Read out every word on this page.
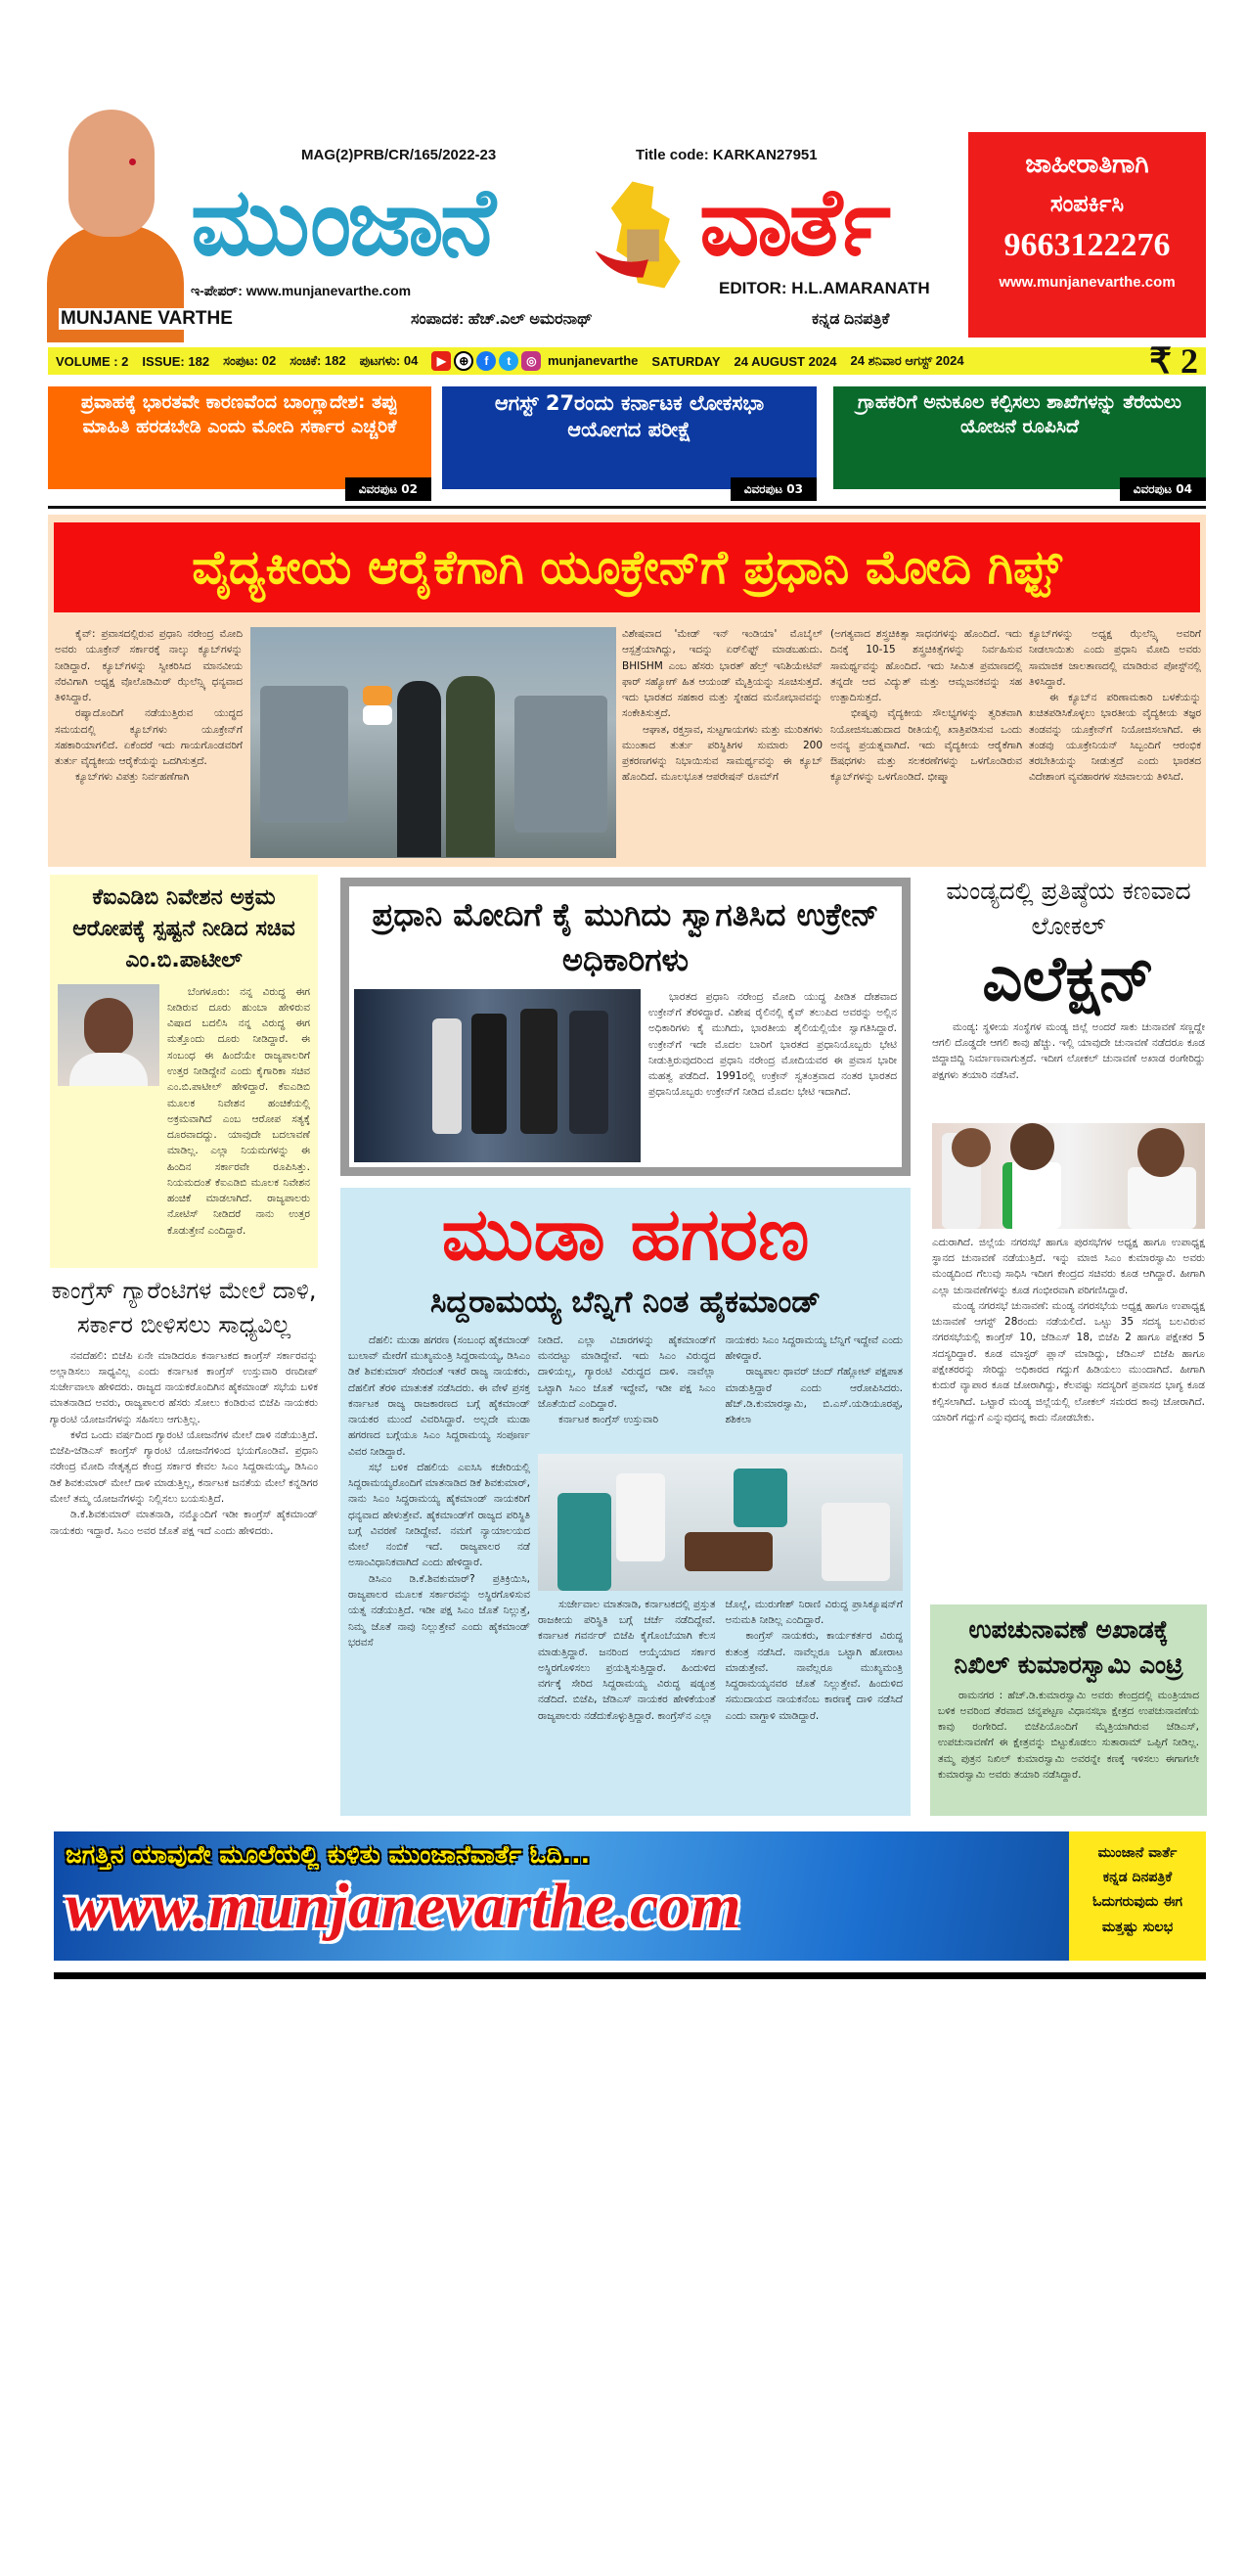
MUNJANE VARTHE
MAG(2)PRB/CR/165/2022-23	Title code: KARKAN27951
ಮುಂಜಾನೆ	ವಾರ್ತೆ
ಇ-ಪೇಪರ್: www.munjanevarthe.com	EDITOR: H.L.AMARANATH
ಸಂಪಾದಕ: ಹೆಚ್.ಎಲ್ ಅಮರನಾಥ್	ಕನ್ನಡ ದಿನಪತ್ರಿಕೆ
ಜಾಹೀರಾತಿಗಾಗಿ
ಸಂಪರ್ಕಿಸಿ
9663122276
www.munjanevarthe.com
VOLUME : 2 ISSUE: 182 ಸಂಪುಟ: 02 ಸಂಚಿಕೆ: 182 ಪುಟಗಳು: 04	▶ ⊕ f t ◎ munjanevarthe SATURDAY 24 AUGUST 2024 24 ಶನಿವಾರ ಆಗಸ್ಟ್ 2024	₹ 2
ಪ್ರವಾಹಕ್ಕೆ ಭಾರತವೇ ಕಾರಣವೆಂದ ಬಾಂಗ್ಲಾದೇಶ: ತಪ್ಪು ಮಾಹಿತಿ ಹರಡಬೇಡಿ ಎಂದು ಮೋದಿ ಸರ್ಕಾರ ಎಚ್ಚರಿಕೆ
ವಿವರಪುಟ 02
ಆಗಸ್ಟ್ 27ರಂದು ಕರ್ನಾಟಕ ಲೋಕಸಭಾ ಆಯೋಗದ ಪರೀಕ್ಷೆ
ವಿವರಪುಟ 03
ಗ್ರಾಹಕರಿಗೆ ಅನುಕೂಲ ಕಲ್ಪಿಸಲು ಶಾಖೆಗಳನ್ನು ತೆರೆಯಲು ಯೋಜನೆ ರೂಪಿಸಿದೆ
ವಿವರಪುಟ 04
ವೈದ್ಯಕೀಯ ಆರೈಕೆಗಾಗಿ ಯೂಕ್ರೇನ್‌ಗೆ ಪ್ರಧಾನಿ ಮೋದಿ ಗಿಫ್ಟ್

ಕೈವ್: ಪ್ರವಾಸದಲ್ಲಿರುವ ಪ್ರಧಾನಿ ನರೇಂದ್ರ ಮೋದಿ ಅವರು ಯೂಕ್ರೇನ್ ಸರ್ಕಾರಕ್ಕೆ ನಾಲ್ಕು ಕ್ಯೂಬ್‌ಗಳನ್ನು ನೀಡಿದ್ದಾರೆ. ಕ್ಯೂಬ್‌ಗಳನ್ನು ಸ್ವೀಕರಿಸಿದ ಮಾನವೀಯ ನೆರವಿಗಾಗಿ ಅಧ್ಯಕ್ಷ ವೊಲೊಡಿಮಿರ್ ಝೆಲೆನ್ಸ್ಕಿ ಧನ್ಯವಾದ ತಿಳಿಸಿದ್ದಾರೆ.

ರಷ್ಯಾದೊಂದಿಗೆ ನಡೆಯುತ್ತಿರುವ ಯುದ್ಧದ ಸಮಯದಲ್ಲಿ ಕ್ಯೂಬ್‌ಗಳು ಯೂಕ್ರೇನ್‌ಗೆ ಸಹಕಾರಿಯಾಗಲಿದೆ. ಏಕೆಂದರೆ ಇದು ಗಾಯಗೊಂಡವರಿಗೆ ತುರ್ತು ವೈದ್ಯಕೀಯ ಆರೈಕೆಯನ್ನು ಒದಗಿಸುತ್ತದೆ.

ಕ್ಯೂಬ್‌ಗಳು ವಿಪತ್ತು ನಿರ್ವಹಣೆಗಾಗಿ

ವಿಶೇಷವಾದ 'ಮೇಡ್ ಇನ್ ಇಂಡಿಯಾ' ಮೊಬೈಲ್ ಆಸ್ಪತ್ರೆಯಾಗಿದ್ದು, ಇದನ್ನು ಏರ್‌ಲಿಫ್ಟ್ ಮಾಡಬಹುದು. BHISHM ಎಂಬ ಹೆಸರು ಭಾರತ್ ಹೆಲ್ತ್ ಇನಿಶಿಯೇಟಿವ್ ಫಾರ್ ಸಹ್ಯೋಗ್ ಹಿತ ಆಯಂಡ್ ಮೈತ್ರಿಯನ್ನು ಸೂಚಿಸುತ್ತದೆ. ಇದು ಭಾರತದ ಸಹಕಾರ ಮತ್ತು ಸ್ನೇಹದ ಮನೋಭಾವವನ್ನು ಸಂಕೇತಿಸುತ್ತದೆ.

ಆಘಾತ, ರಕ್ತಸ್ರಾವ, ಸುಟ್ಟಗಾಯಗಳು ಮತ್ತು ಮುರಿತಗಳು ಮುಂತಾದ ತುರ್ತು ಪರಿಸ್ಥಿತಿಗಳ ಸುಮಾರು 200 ಪ್ರಕರಣಗಳನ್ನು ನಿಭಾಯಿಸುವ ಸಾಮರ್ಥ್ಯವನ್ನು ಈ ಕ್ಯೂಬ್ ಹೊಂದಿದೆ. ಮೂಲಭೂತ ಆಪರೇಷನ್ ರೂಮ್‌ಗೆ

(ಅಗತ್ಯವಾದ ಶಸ್ತ್ರಚಿಕಿತ್ಸಾ ಸಾಧನಗಳನ್ನು ಹೊಂದಿದೆ. ಇದು ದಿನಕ್ಕೆ 10-15 ಶಸ್ತ್ರಚಿಕಿತ್ಸೆಗಳನ್ನು ನಿರ್ವಹಿಸುವ ಸಾಮರ್ಥ್ಯವನ್ನು ಹೊಂದಿದೆ. ಇದು ಸೀಮಿತ ಪ್ರಮಾಣದಲ್ಲಿ ತನ್ನದೇ ಆದ ವಿದ್ಯುತ್ ಮತ್ತು ಆಮ್ಲಜನಕವನ್ನು ಸಹ ಉತ್ಪಾದಿಸುತ್ತದೆ.

ಭೀಷ್ಮವು ವೈದ್ಯಕೀಯ ಸೌಲಭ್ಯಗಳನ್ನು ತ್ವರಿತವಾಗಿ ನಿಯೋಜಿಸಬಹುದಾದ ರೀತಿಯಲ್ಲಿ ಖಾತ್ರಿಪಡಿಸುವ ಒಂದು ಅನನ್ಯ ಪ್ರಯತ್ನವಾಗಿದೆ. ಇದು ವೈದ್ಯಕೀಯ ಆರೈಕೆಗಾಗಿ ಔಷಧಗಳು ಮತ್ತು ಸಲಕರಣೆಗಳನ್ನು ಒಳಗೊಂಡಿರುವ ಕ್ಯೂಬ್‌ಗಳನ್ನು ಒಳಗೊಂಡಿದೆ. ಭೀಷ್ಮಾ

ಕ್ಯೂಬ್‌ಗಳನ್ನು ಅಧ್ಯಕ್ಷ ಝೆಲೆನ್ಸ್ಕಿ ಅವರಿಗೆ ನೀಡಲಾಯಿತು ಎಂದು ಪ್ರಧಾನಿ ಮೋದಿ ಅವರು ಸಾಮಾಜಿಕ ಜಾಲತಾಣದಲ್ಲಿ ಮಾಡಿರುವ ಪೋಸ್ಟ್‌ನಲ್ಲಿ ತಿಳಿಸಿದ್ದಾರೆ.

ಈ ಕ್ಯೂಬ್‌ನ ಪರಿಣಾಮಕಾರಿ ಬಳಕೆಯನ್ನು ಖಚಿತಪಡಿಸಿಕೊಳ್ಳಲು ಭಾರತೀಯ ವೈದ್ಯಕೀಯ ತಜ್ಞರ ತಂಡವನ್ನು ಯೂಕ್ರೇನ್‌ಗೆ ನಿಯೋಜಿಸಲಾಗಿದೆ. ಈ ತಂಡವು ಯೂಕ್ರೇನಿಯನ್ ಸಿಬ್ಬಂದಿಗೆ ಆರಂಭಿಕ ತರಬೇತಿಯನ್ನು ನೀಡುತ್ತದೆ ಎಂದು ಭಾರತದ ವಿದೇಶಾಂಗ ವ್ಯವಹಾರಗಳ ಸಚಿವಾಲಯ ತಿಳಿಸಿದೆ.

ಕೆಐಎಡಿಬಿ ನಿವೇಶನ ಅಕ್ರಮ ಆರೋಪಕ್ಕೆ ಸ್ಪಷ್ಟನೆ ನೀಡಿದ ಸಚಿವ ಎಂ.ಬಿ.ಪಾಟೀಲ್

ಬೆಂಗಳೂರು: ನನ್ನ ವಿರುದ್ಧ ಈಗ ನೀಡಿರುವ ದೂರು ಹುಂಬಾ ಹೇಳಿರುವ ವಿಷಾದ ಬದಲಿಸಿ ನನ್ನ ವಿರುದ್ಧ ಈಗ ಮತ್ತೊಂದು ದೂರು ನೀಡಿದ್ದಾರೆ. ಈ ಸಂಬಂಧ ಈ ಹಿಂದೆಯೇ ರಾಜ್ಯಪಾಲರಿಗೆ ಉತ್ತರ ನೀಡಿದ್ದೇನೆ ಎಂದು ಕೈಗಾರಿಕಾ ಸಚಿವ ಎಂ.ಬಿ.ಪಾಟೀಲ್ ಹೇಳಿದ್ದಾರೆ. ಕೆಐಎಡಿಬಿ ಮೂಲಕ ನಿವೇಶನ ಹಂಚಿಕೆಯಲ್ಲಿ ಅಕ್ರಮವಾಗಿದೆ ಎಂಬ ಆರೋಪ ಸತ್ಯಕ್ಕೆ ದೂರವಾದದ್ದು. ಯಾವುದೇ ಬದಲಾವಣೆ ಮಾಡಿಲ್ಲ. ಎಲ್ಲಾ ನಿಯಮಗಳನ್ನು ಈ ಹಿಂದಿನ ಸರ್ಕಾರವೇ ರೂಪಿಸಿತ್ತು. ನಿಯಮದಂತೆ ಕೆಐಎಡಿಬಿ ಮೂಲಕ ನಿವೇಶನ ಹಂಚಿಕೆ ಮಾಡಲಾಗಿದೆ. ರಾಜ್ಯಪಾಲರು ನೋಟಿಸ್ ನೀಡಿದರೆ ನಾನು ಉತ್ತರ ಕೊಡುತ್ತೇನೆ ಎಂದಿದ್ದಾರೆ.

ಕಾಂಗ್ರೆಸ್ ಗ್ಯಾರೆಂಟಿಗಳ ಮೇಲೆ ದಾಳಿ, ಸರ್ಕಾರ ಬೀಳಿಸಲು ಸಾಧ್ಯವಿಲ್ಲ

ನವದೆಹಲಿ: ಬಿಜೆಪಿ ಏನೇ ಮಾಡಿದರೂ ಕರ್ನಾಟಕದ ಕಾಂಗ್ರೆಸ್ ಸರ್ಕಾರವನ್ನು ಅಲ್ಲಾಡಿಸಲು ಸಾಧ್ಯವಿಲ್ಲ ಎಂದು ಕರ್ನಾಟಕ ಕಾಂಗ್ರೆಸ್ ಉಸ್ತುವಾರಿ ರಣದೀಪ್ ಸುರ್ಜೇವಾಲಾ ಹೇಳಿದರು. ರಾಜ್ಯದ ನಾಯಕರೊಂದಿಗಿನ ಹೈಕಮಾಂಡ್ ಸಭೆಯ ಬಳಿಕ ಮಾತನಾಡಿದ ಅವರು, ರಾಜ್ಯಪಾಲರ ಹೆಸರು ಸೋಲು ಕಂಡಿರುವ ಬಿಜೆಪಿ ನಾಯಕರು ಗ್ಯಾರಂಟಿ ಯೋಜನೆಗಳನ್ನು ಸಹಿಸಲು ಆಗುತ್ತಿಲ್ಲ.

ಕಳೆದ ಒಂದು ವರ್ಷದಿಂದ ಗ್ಯಾರಂಟಿ ಯೋಜನೆಗಳ ಮೇಲೆ ದಾಳಿ ನಡೆಯುತ್ತಿದೆ. ಬಿಜೆಪಿ-ಜೆಡಿಎಸ್ ಕಾಂಗ್ರೆಸ್ ಗ್ಯಾರಂಟಿ ಯೋಜನೆಗಳಿಂದ ಭಯಗೊಂಡಿವೆ. ಪ್ರಧಾನಿ ನರೇಂದ್ರ ಮೋದಿ ನೇತೃತ್ವದ ಕೇಂದ್ರ ಸರ್ಕಾರ ಕೇವಲ ಸಿಎಂ ಸಿದ್ದರಾಮಯ್ಯ, ಡಿಸಿಎಂ ಡಿಕೆ ಶಿವಕುಮಾರ್ ಮೇಲೆ ದಾಳಿ ಮಾಡುತ್ತಿಲ್ಲ, ಕರ್ನಾಟಕ ಜನತೆಯ ಮೇಲೆ ಕನ್ನಡಿಗರ ಮೇಲೆ ತಮ್ಮ ಯೋಜನೆಗಳನ್ನು ನಿಲ್ಲಿಸಲು ಬಯಸುತ್ತಿದೆ.

ಡಿ.ಕೆ.ಶಿವಕುಮಾರ್ ಮಾತನಾಡಿ, ನಮ್ಮೊಂದಿಗೆ ಇಡೀ ಕಾಂಗ್ರೆಸ್ ಹೈಕಮಾಂಡ್ ನಾಯಕರು ಇದ್ದಾರೆ. ಸಿಎಂ ಅವರ ಜೊತೆ ಪಕ್ಷ ಇದೆ ಎಂದು ಹೇಳಿದರು.

ಪ್ರಧಾನಿ ಮೋದಿಗೆ ಕೈ ಮುಗಿದು ಸ್ವಾಗತಿಸಿದ ಉಕ್ರೇನ್ ಅಧಿಕಾರಿಗಳು

ಭಾರತದ ಪ್ರಧಾನಿ ನರೇಂದ್ರ ಮೋದಿ ಯುದ್ಧ ಪೀಡಿತ ದೇಶವಾದ ಉಕ್ರೇನ್‌ಗೆ ತೆರಳಿದ್ದಾರೆ. ವಿಶೇಷ ರೈಲಿನಲ್ಲಿ ಕೈವ್ ತಲುಪಿದ ಅವರನ್ನು ಅಲ್ಲಿನ ಅಧಿಕಾರಿಗಳು ಕೈ ಮುಗಿದು, ಭಾರತೀಯ ಶೈಲಿಯಲ್ಲಿಯೇ ಸ್ವಾಗತಿಸಿದ್ದಾರೆ. ಉಕ್ರೇನ್‌ಗೆ ಇದೇ ಮೊದಲ ಬಾರಿಗೆ ಭಾರತದ ಪ್ರಧಾನಿಯೊಬ್ಬರು ಭೇಟಿ ನೀಡುತ್ತಿರುವುದರಿಂದ ಪ್ರಧಾನಿ ನರೇಂದ್ರ ಮೋದಿಯವರ ಈ ಪ್ರವಾಸ ಭಾರೀ ಮಹತ್ವ ಪಡೆದಿದೆ. 1991ರಲ್ಲಿ ಉಕ್ರೇನ್ ಸ್ವತಂತ್ರವಾದ ನಂತರ ಭಾರತದ ಪ್ರಧಾನಿಯೊಬ್ಬರು ಉಕ್ರೇನ್‌ಗೆ ನೀಡಿದ ಮೊದಲ ಭೇಟಿ ಇದಾಗಿದೆ.

ಮುಡಾ ಹಗರಣ
ಸಿದ್ದರಾಮಯ್ಯ ಬೆನ್ನಿಗೆ ನಿಂತ ಹೈಕಮಾಂಡ್

ದೆಹಲಿ: ಮುಡಾ ಹಗರಣ (ಸಂಬಂಧ ಹೈಕಮಾಂಡ್ ಬುಲಾವ್ ಮೇರೆಗೆ ಮುಖ್ಯಮಂತ್ರಿ ಸಿದ್ದರಾಮಯ್ಯ, ಡಿಸಿಎಂ ಡಿಕೆ ಶಿವಕುಮಾರ್ ಸೇರಿದಂತೆ ಇತರೆ ರಾಜ್ಯ ನಾಯಕರು, ದೆಹಲಿಗೆ ತೆರಳಿ ಮಾತುಕತೆ ನಡೆಸಿದರು. ಈ ವೇಳೆ ಪ್ರಸಕ್ತ ಕರ್ನಾಟಕ ರಾಜ್ಯ ರಾಜಕಾರಣದ ಬಗ್ಗೆ ಹೈಕಮಾಂಡ್ ನಾಯಕರ ಮುಂದೆ ವಿವರಿಸಿದ್ದಾರೆ. ಅಲ್ಲದೇ ಮುಡಾ ಹಗರಣದ ಬಗ್ಗೆಯೂ ಸಿಎಂ ಸಿದ್ದರಾಮಯ್ಯ ಸಂಪೂರ್ಣ ವಿವರ ನೀಡಿದ್ದಾರೆ.

ಸಭೆ ಬಳಿಕ ದೆಹಲಿಯ ಎಐಸಿಸಿ ಕಚೇರಿಯಲ್ಲಿ ಸಿದ್ದರಾಮಯ್ಯರೊಂದಿಗೆ ಮಾತನಾಡಿದ ಡಿಕೆ ಶಿವಕುಮಾರ್, ನಾನು ಸಿಎಂ ಸಿದ್ದರಾಮಯ್ಯ ಹೈಕಮಾಂಡ್ ನಾಯಕರಿಗೆ ಧನ್ಯವಾದ ಹೇಳುತ್ತೇವೆ. ಹೈಕಮಾಂಡ್‌ಗೆ ರಾಜ್ಯದ ಪರಿಸ್ಥಿತಿ ಬಗ್ಗೆ ವಿವರಣೆ ನೀಡಿದ್ದೇವೆ. ನಮಗೆ ನ್ಯಾಯಾಲಯದ ಮೇಲೆ ನಂಬಿಕೆ ಇದೆ. ರಾಜ್ಯಪಾಲರ ನಡೆ ಅಸಾಂವಿಧಾನಿಕವಾಗಿದೆ ಎಂದು ಹೇಳಿದ್ದಾರೆ.

ಡಿಸಿಎಂ ಡಿ.ಕೆ.ಶಿವಕುಮಾರ್? ಪ್ರತಿಕ್ರಿಯಿಸಿ, ರಾಜ್ಯಪಾಲರ ಮೂಲಕ ಸರ್ಕಾರವನ್ನು ಅಸ್ಥಿರಗೊಳಿಸುವ ಯತ್ನ ನಡೆಯುತ್ತಿದೆ. ಇಡೀ ಪಕ್ಷ ಸಿಎಂ ಜೊತೆ ನಿಲ್ಲುತ್ತೆ, ನಿಮ್ಮ ಜೊತೆ ನಾವು ನಿಲ್ಲುತ್ತೇವೆ ಎಂದು ಹೈಕಮಾಂಡ್ ಭರವಸೆ

ನೀಡಿದೆ. ಎಲ್ಲಾ ವಿಚಾರಗಳನ್ನು ಹೈಕಮಾಂಡ್‌ಗೆ ಮನದಟ್ಟು ಮಾಡಿದ್ದೇವೆ. ಇದು ಸಿಎಂ ವಿರುದ್ಧದ ದಾಳಿಯಲ್ಲ, ಗ್ಯಾರಂಟಿ ವಿರುದ್ಧದ ದಾಳಿ. ನಾವೆಲ್ಲಾ ಒಟ್ಟಾಗಿ ಸಿಎಂ ಜೊತೆ ಇದ್ದೇವೆ, ಇಡೀ ಪಕ್ಷ ಸಿಎಂ ಜೊತೆಯಿದೆ ಎಂದಿದ್ದಾರೆ.

ಕರ್ನಾಟಕ ಕಾಂಗ್ರೆಸ್ ಉಸ್ತುವಾರಿ

ನಾಯಕರು ಸಿಎಂ ಸಿದ್ದರಾಮಯ್ಯ ಬೆನ್ನಿಗೆ ಇದ್ದೇವೆ ಎಂದು ಹೇಳಿದ್ದಾರೆ.

ರಾಜ್ಯಪಾಲ ಥಾವರ್ ಚಂದ್ ಗೆಹ್ಲೋಟ್ ಪಕ್ಷಪಾತ ಮಾಡುತ್ತಿದ್ದಾರೆ ಎಂದು ಆರೋಪಿಸಿದರು. ಹೆಚ್.ಡಿ.ಕುಮಾರಸ್ವಾಮಿ, ಬಿ.ಎಸ್.ಯಡಿಯೂರಪ್ಪ, ಶಶಿಕಲಾ

ಸುರ್ಜೇವಾಲ ಮಾತನಾಡಿ, ಕರ್ನಾಟಕದಲ್ಲಿ ಪ್ರಸ್ತುತ ರಾಜಕೀಯ ಪರಿಸ್ಥಿತಿ ಬಗ್ಗೆ ಚರ್ಚೆ ನಡೆದಿದ್ದೇವೆ. ಕರ್ನಾಟಕ ಗವರ್ನರ್ ಬಿಜೆಪಿ ಕೈಗೊಂಬೆಯಾಗಿ ಕೆಲಸ ಮಾಡುತ್ತಿದ್ದಾರೆ. ಜನರಿಂದ ಆಯ್ಕೆಯಾದ ಸರ್ಕಾರ ಅಸ್ಥಿರಗೊಳಿಸಲು ಪ್ರಯತ್ನಿಸುತ್ತಿದ್ದಾರೆ. ಹಿಂದುಳಿದ ವರ್ಗಕ್ಕೆ ಸೇರಿದ ಸಿದ್ದರಾಮಯ್ಯ ವಿರುದ್ಧ ಷಡ್ಯಂತ್ರ ನಡೆದಿದೆ. ಬಿಜೆಪಿ, ಜೆಡಿಎಸ್ ನಾಯಕರ ಹೇಳಿಕೆಯಂತೆ ರಾಜ್ಯಪಾಲರು ನಡೆದುಕೊಳ್ಳುತ್ತಿದ್ದಾರೆ. ಕಾಂಗ್ರೆಸ್‌ನ ಎಲ್ಲಾ

ಜೊಲ್ಲೆ, ಮುರುಗೇಶ್ ನಿರಾಣಿ ವಿರುದ್ಧ ಪ್ರಾಸಿಕ್ಯೂಷನ್‌ಗೆ ಅನುಮತಿ ನೀಡಿಲ್ಲ ಎಂದಿದ್ದಾರೆ.

ಕಾಂಗ್ರೆಸ್ ನಾಯಕರು, ಕಾರ್ಯಕರ್ತರ ವಿರುದ್ಧ ಕುತಂತ್ರ ನಡೆಸಿದೆ. ನಾವೆಲ್ಲರೂ ಒಟ್ಟಾಗಿ ಹೋರಾಟ ಮಾಡುತ್ತೇವೆ. ನಾವೆಲ್ಲರೂ ಮುಖ್ಯಮಂತ್ರಿ ಸಿದ್ದರಾಮಯ್ಯನವರ ಜೊತೆ ನಿಲ್ಲುತ್ತೇವೆ. ಹಿಂದುಳಿದ ಸಮುದಾಯದ ನಾಯಕನೆಂಬ ಕಾರಣಕ್ಕೆ ದಾಳಿ ನಡೆಸಿದೆ ಎಂದು ವಾಗ್ದಾಳಿ ಮಾಡಿದ್ದಾರೆ.

ಮಂಡ್ಯದಲ್ಲಿ ಪ್ರತಿಷ್ಠೆಯ ಕಣವಾದ ಲೋಕಲ್
ಎಲೆಕ್ಷನ್

ಮಂಡ್ಯ: ಸ್ಥಳೀಯ ಸಂಸ್ಥೆಗಳ ಮಂಡ್ಯ ಜಿಲ್ಲೆ ಅಂದರೆ ಸಾಕು ಚುನಾವಣೆ ಸಣ್ಣದ್ದೇ ಆಗಲಿ ದೊಡ್ಡದೇ ಆಗಲಿ ಕಾವು ಹೆಚ್ಚು. ಇಲ್ಲಿ ಯಾವುದೇ ಚುನಾವಣೆ ನಡೆದರೂ ಕೂಡ ಜಿದ್ದಾಜಿದ್ದಿ ನಿರ್ಮಾಣವಾಗುತ್ತದೆ. ಇದೀಗ ಲೋಕಲ್ ಚುನಾವಣೆ ಅಖಾಡ ರಂಗೇರಿದ್ದು ಪಕ್ಷಗಳು ತಯಾರಿ ನಡೆಸಿವೆ.

ಎದುರಾಗಿದೆ. ಜಿಲ್ಲೆಯ ನಗರಸಭೆ ಹಾಗೂ ಪುರಸಭೆಗಳ ಅಧ್ಯಕ್ಷ ಹಾಗೂ ಉಪಾಧ್ಯಕ್ಷ ಸ್ಥಾನದ ಚುನಾವಣೆ ನಡೆಯುತ್ತಿದೆ. ಇನ್ನು ಮಾಜಿ ಸಿಎಂ ಕುಮಾರಸ್ವಾಮಿ ಅವರು ಮಂಡ್ಯದಿಂದ ಗೆಲುವು ಸಾಧಿಸಿ ಇದೀಗ ಕೇಂದ್ರದ ಸಚಿವರು ಕೂಡ ಆಗಿದ್ದಾರೆ. ಹೀಗಾಗಿ ಎಲ್ಲಾ ಚುನಾವಣೆಗಳನ್ನು ಕೂಡ ಗಂಭೀರವಾಗಿ ಪರಿಗಣಿಸಿದ್ದಾರೆ.

ಮಂಡ್ಯ ನಗರಸಭೆ ಚುನಾವಣೆ: ಮಂಡ್ಯ ನಗರಸಭೆಯ ಅಧ್ಯಕ್ಷ ಹಾಗೂ ಉಪಾಧ್ಯಕ್ಷ ಚುನಾವಣೆ ಆಗಸ್ಟ್ 28ರಂದು ನಡೆಯಲಿದೆ. ಒಟ್ಟು 35 ಸದಸ್ಯ ಬಲವಿರುವ ನಗರಸಭೆಯಲ್ಲಿ ಕಾಂಗ್ರೆಸ್ 10, ಜೆಡಿಎಸ್ 18, ಬಿಜೆಪಿ 2 ಹಾಗೂ ಪಕ್ಷೇತರ 5 ಸದಸ್ಯರಿದ್ದಾರೆ. ಕೂಡ ಮಾಸ್ಟರ್ ಪ್ಲಾನ್ ಮಾಡಿದ್ದು, ಜೆಡಿಎಸ್ ಬಿಜೆಪಿ ಹಾಗೂ ಪಕ್ಷೇತರರನ್ನು ಸೇರಿದ್ದು ಅಧಿಕಾರದ ಗದ್ದುಗೆ ಹಿಡಿಯಲು ಮುಂದಾಗಿದೆ. ಹೀಗಾಗಿ ಕುದುರೆ ವ್ಯಾಪಾರ ಕೂಡ ಜೋರಾಗಿದ್ದು, ಕೆಲವಷ್ಟು ಸದಸ್ಯರಿಗೆ ಪ್ರವಾಸದ ಭಾಗ್ಯ ಕೂಡ ಕಲ್ಪಿಸಲಾಗಿದೆ. ಒಟ್ಟಾರೆ ಮಂಡ್ಯ ಜಿಲ್ಲೆಯಲ್ಲಿ ಲೋಕಲ್ ಸಮರದ ಕಾವು ಜೋರಾಗಿದೆ. ಯಾರಿಗೆ ಗದ್ದುಗೆ ಎನ್ನುವುದನ್ನ ಕಾದು ನೋಡಬೇಕು.

ಉಪಚುನಾವಣೆ ಅಖಾಡಕ್ಕೆ ನಿಖಿಲ್ ಕುಮಾರಸ್ವಾಮಿ ಎಂಟ್ರಿ

ರಾಮನಗರ : ಹೆಚ್.ಡಿ.ಕುಮಾರಸ್ವಾಮಿ ಅವರು ಕೇಂದ್ರದಲ್ಲಿ ಮಂತ್ರಿಯಾದ ಬಳಿಕ ಅವರಿಂದ ತೆರವಾದ ಚನ್ನಪಟ್ಟಣ ವಿಧಾನಸಭಾ ಕ್ಷೇತ್ರದ ಉಪಚುನಾವಣೆಯ ಕಾವು ರಂಗೇರಿದೆ. ಬಿಜೆಪಿಯೊಂದಿಗೆ ಮೈತ್ರಿಯಾಗಿರುವ ಜೆಡಿಎಸ್, ಉಪಚುನಾವಣೆಗೆ ಈ ಕ್ಷೇತ್ರವನ್ನು ಬಿಟ್ಟುಕೊಡಲು ಸುತಾರಾಮ್ ಒಪ್ಪಿಗೆ ನೀಡಿಲ್ಲ. ತಮ್ಮ ಪುತ್ರನ ನಿಖಿಲ್ ಕುಮಾರಸ್ವಾಮಿ ಅವರನ್ನೇ ಕಣಕ್ಕೆ ಇಳಿಸಲು ಈಗಾಗಲೇ ಕುಮಾರಸ್ವಾಮಿ ಅವರು ತಯಾರಿ ನಡೆಸಿದ್ದಾರೆ.

ಜಗತ್ತಿನ ಯಾವುದೇ ಮೂಲೆಯಲ್ಲಿ ಕುಳಿತು ಮುಂಜಾನೆವಾರ್ತೆ ಓದಿ...
www.munjanevarthe.com
ಮುಂಜಾನೆ ವಾರ್ತೆ
ಕನ್ನಡ ದಿನಪತ್ರಿಕೆ
ಓದುಗರುವುದು ಈಗ
ಮತ್ತಷ್ಟು ಸುಲಭ
